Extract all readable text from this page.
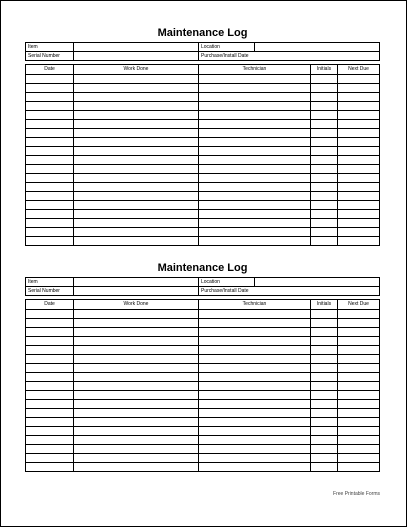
Maintenance Log
Item		Location	
Serial Number		Purchase/Install Date	
Date	Work Done	Technician	Initials	Next Due

Maintenance Log
Item		Location	
Serial Number		Purchase/Install Date	
Date	Work Done	Technician	Initials	Next Due

Free Printable Forms
